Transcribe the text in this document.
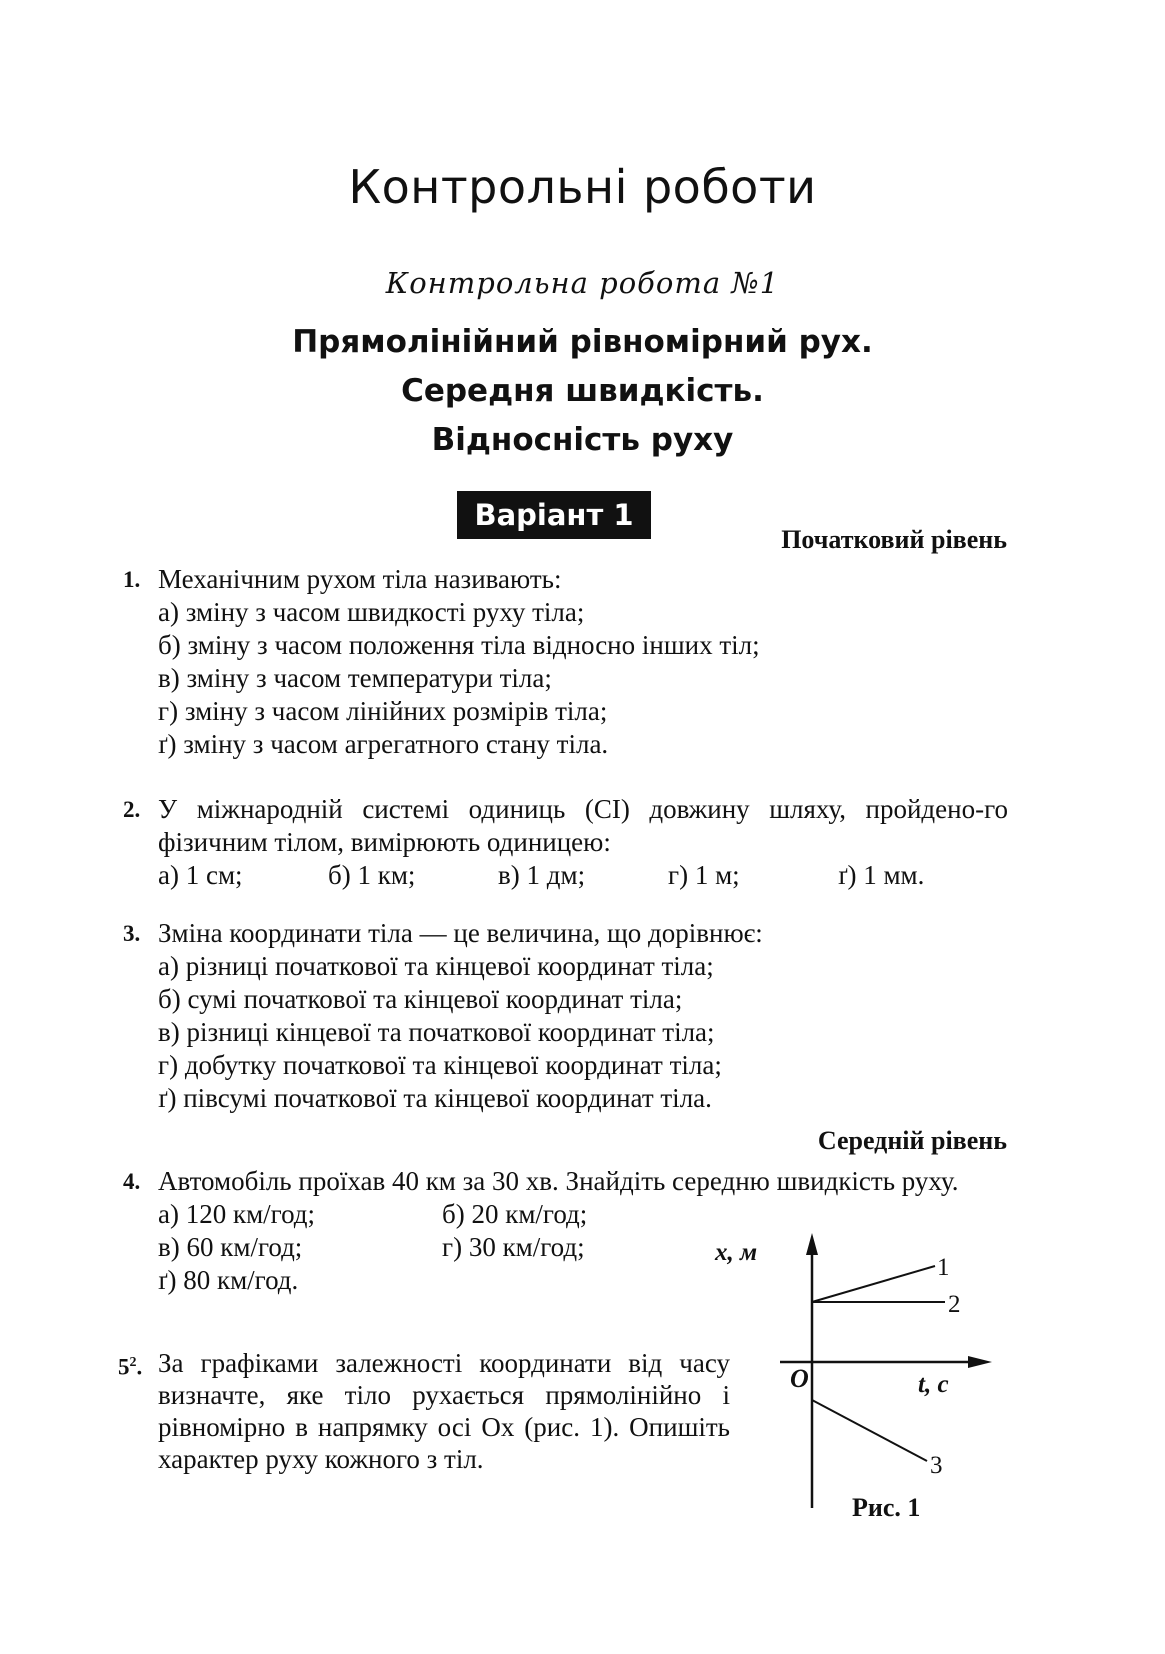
Контрольні роботи
Контрольна робота №1
Прямолінійний рівномірний рух.
Середня швидкість.
Відносність руху
Варіант 1
Початковий рівень
1. Механічним рухом тіла називають:
а) зміну з часом швидкості руху тіла;
б) зміну з часом положення тіла відносно інших тіл;
в) зміну з часом температури тіла;
г) зміну з часом лінійних розмірів тіла;
ґ) зміну з часом агрегатного стану тіла.
2. У міжнародній системі одиниць (СІ) довжину шляху, пройдено-го фізичним тілом, вимірюють одиницею:
а) 1 см;	б) 1 км;	в) 1 дм;	г) 1 м;	ґ) 1 мм.
3. Зміна координати тіла — це величина, що дорівнює:
а) різниці початкової та кінцевої координат тіла;
б) сумі початкової та кінцевої координат тіла;
в) різниці кінцевої та початкової координат тіла;
г) добутку початкової та кінцевої координат тіла;
ґ) півсумі початкової та кінцевої координат тіла.
Середній рівень
4. Автомобіль проїхав 40 км за 30 хв. Знайдіть середню швидкість руху.
а) 120 км/год;	б) 20 км/год;
в) 60 км/год;	г) 30 км/год;
ґ) 80 км/год.
$5^2$. За графіками залежності координати від часу визначте, яке тіло рухається прямолінійно і рівномірно в напрямку осі Ox (рис. 1). Опишіть характер руху кожного з тіл.
x, м
t, с
O
1
2
3
Рис. 1
